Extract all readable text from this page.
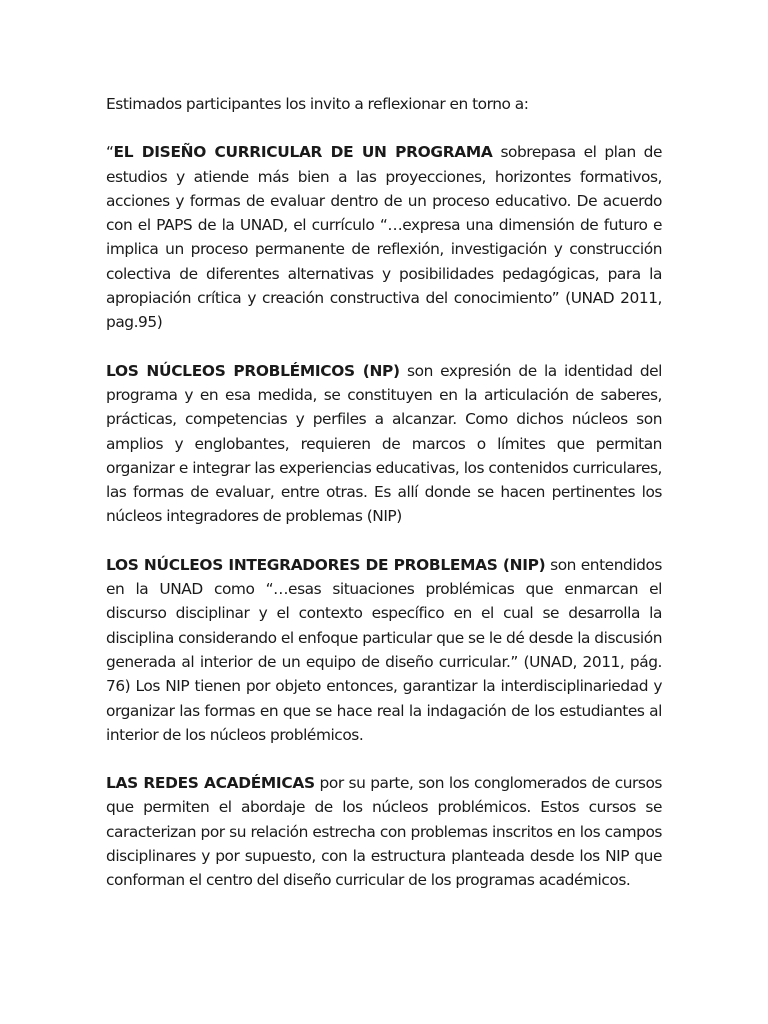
Estimados participantes los invito a reflexionar en torno a:

“EL DISEÑO CURRICULAR DE UN PROGRAMA sobrepasa el plan de estudios y atiende más bien a las proyecciones, horizontes formativos, acciones y formas de evaluar dentro de un proceso educativo. De acuerdo con el PAPS de la UNAD, el currículo “…expresa una dimensión de futuro e implica un proceso permanente de reflexión, investigación y construcción colectiva de diferentes alternativas y posibilidades pedagógicas, para la apropiación crítica y creación constructiva del conocimiento” (UNAD 2011, pag.95)

LOS NÚCLEOS PROBLÉMICOS (NP) son expresión de la identidad del programa y en esa medida, se constituyen en la articulación de saberes, prácticas, competencias y perfiles a alcanzar. Como dichos núcleos son amplios y englobantes, requieren de marcos o límites que permitan organizar e integrar las experiencias educativas, los contenidos curriculares, las formas de evaluar, entre otras. Es allí donde se hacen pertinentes los núcleos integradores de problemas (NIP)

LOS NÚCLEOS INTEGRADORES DE PROBLEMAS (NIP) son entendidos en la UNAD como “…esas situaciones problémicas que enmarcan el discurso disciplinar y el contexto específico en el cual se desarrolla la disciplina considerando el enfoque particular que se le dé desde la discusión generada al interior de un equipo de diseño curricular.” (UNAD, 2011, pág. 76) Los NIP tienen por objeto entonces, garantizar la interdisciplinariedad y organizar las formas en que se hace real la indagación de los estudiantes al interior de los núcleos problémicos.

LAS REDES ACADÉMICAS por su parte, son los conglomerados de cursos que permiten el abordaje de los núcleos problémicos. Estos cursos se caracterizan por su relación estrecha con problemas inscritos en los campos disciplinares y por supuesto, con la estructura planteada desde los NIP que conforman el centro del diseño curricular de los programas académicos.
